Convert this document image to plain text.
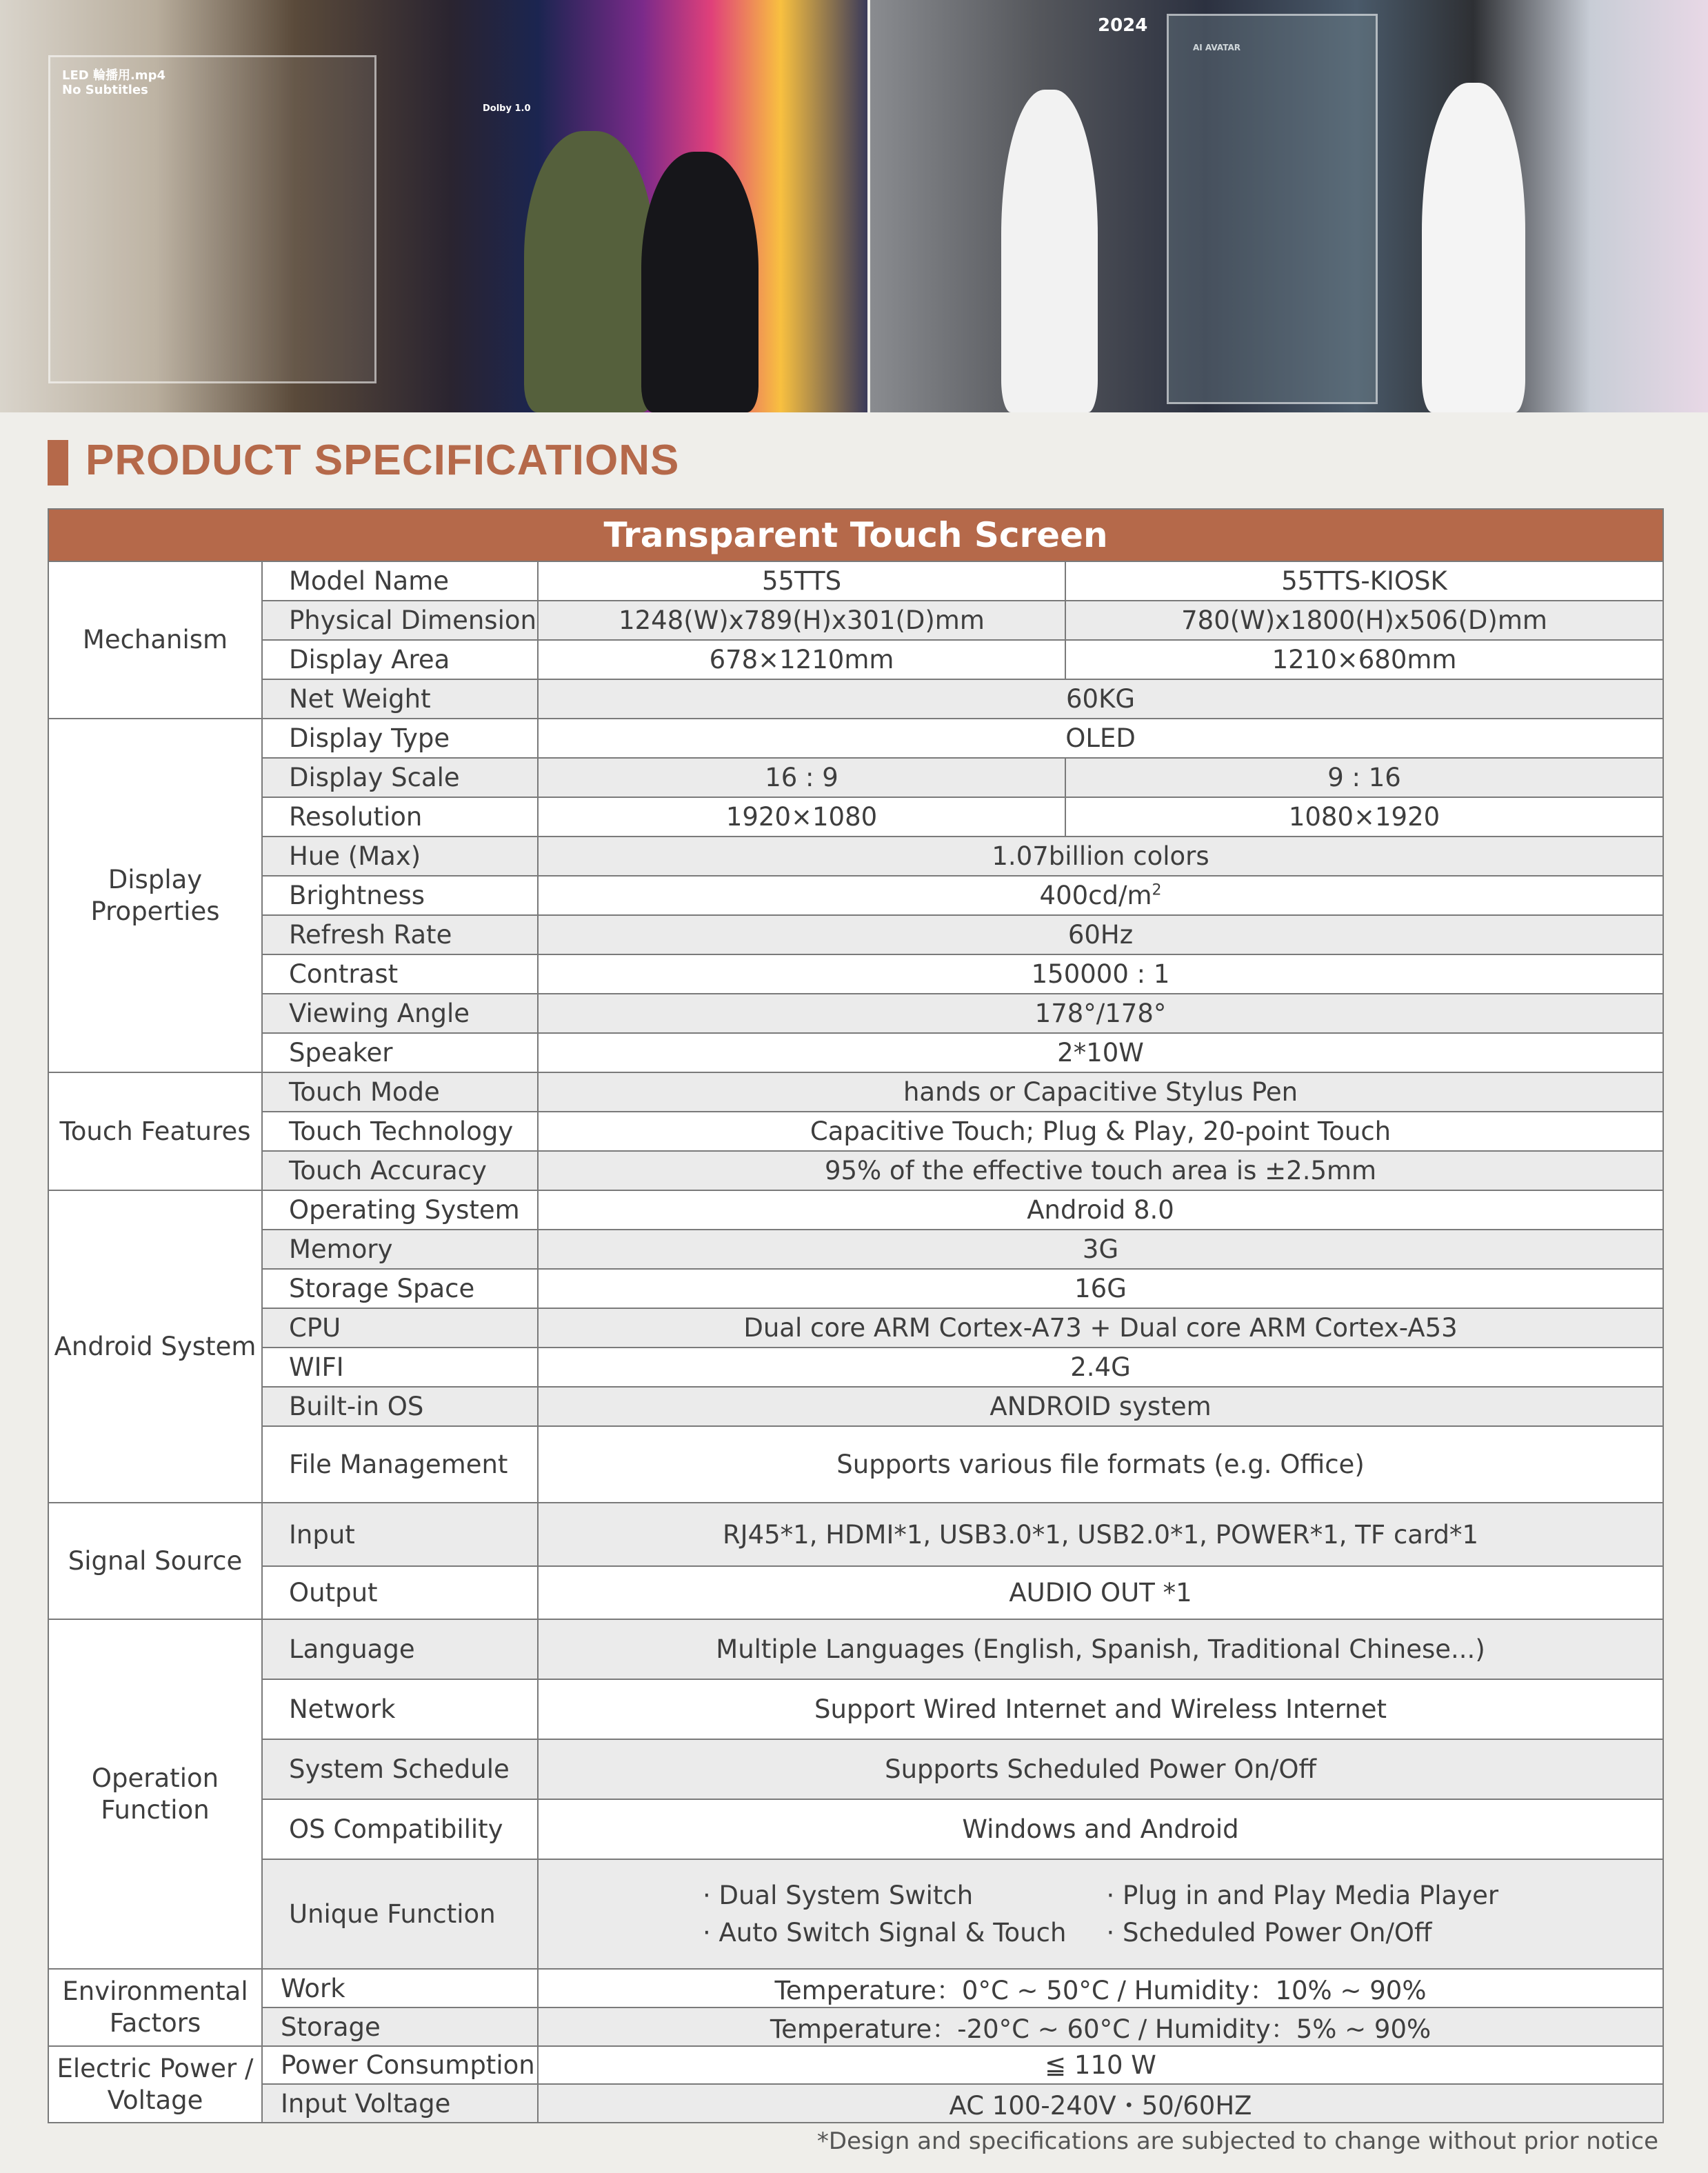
LED 輪播用.mp4
No Subtitles
Dolby 1.0
2024
AI AVATAR
PRODUCT SPECIFICATIONS
Transparent Touch Screen			
Mechanism	Model Name	55TTS	55TTS-KIOSK
	Physical Dimension	1248(W)x789(H)x301(D)mm	780(W)x1800(H)x506(D)mm
	Display Area	678×1210mm	1210×680mm
	Net Weight	60KG	
Display Properties	Display Type	OLED	
	Display Scale	16 : 9	9 : 16
	Resolution	1920×1080	1080×1920
	Hue (Max)	1.07billion colors	
	Brightness	$400cd/m^2$
	Refresh Rate	60Hz	
	Contrast	150000 : 1	
	Viewing Angle	178°/178°	
	Speaker	2*10W	
Touch Features	Touch Mode	hands or Capacitive Stylus Pen	
	Touch Technology	Capacitive Touch; Plug & Play, 20-point Touch	
	Touch Accuracy	95% of the effective touch area is ±2.5mm	
Android System	Operating System	Android 8.0	
	Memory	3G	
	Storage Space	16G	
	CPU	Dual core ARM Cortex-A73 + Dual core ARM Cortex-A53	
	WIFI	2.4G	
	Built-in OS	ANDROID system	
	File Management	Supports various file formats (e.g. Office)	
Signal Source	Input	RJ45*1, HDMI*1, USB3.0*1, USB2.0*1, POWER*1, TF card*1	
	Output	AUDIO OUT *1	
Operation Function	Language	Multiple Languages (English, Spanish, Traditional Chinese...)	
	Network	Support Wired Internet and Wireless Internet	
	System Schedule	Supports Scheduled Power On/Off	
	OS Compatibility	Windows and Android	
	Unique Function	· Dual System Switch
· Auto Switch Signal & Touch
· Plug in and Play Media Player
· Scheduled Power On/Off	

Environmental Factors	Work	Temperature：0°C ~ 50°C / Humidity：10% ~ 90%	
	Storage	Temperature：-20°C ~ 60°C / Humidity：5% ~ 90%	
Electric Power / Voltage	Power Consumption	≦ 110 W	
	Input Voltage	AC 100-240V・50/60HZ	
*Design and specifications are subjected to change without prior notice
